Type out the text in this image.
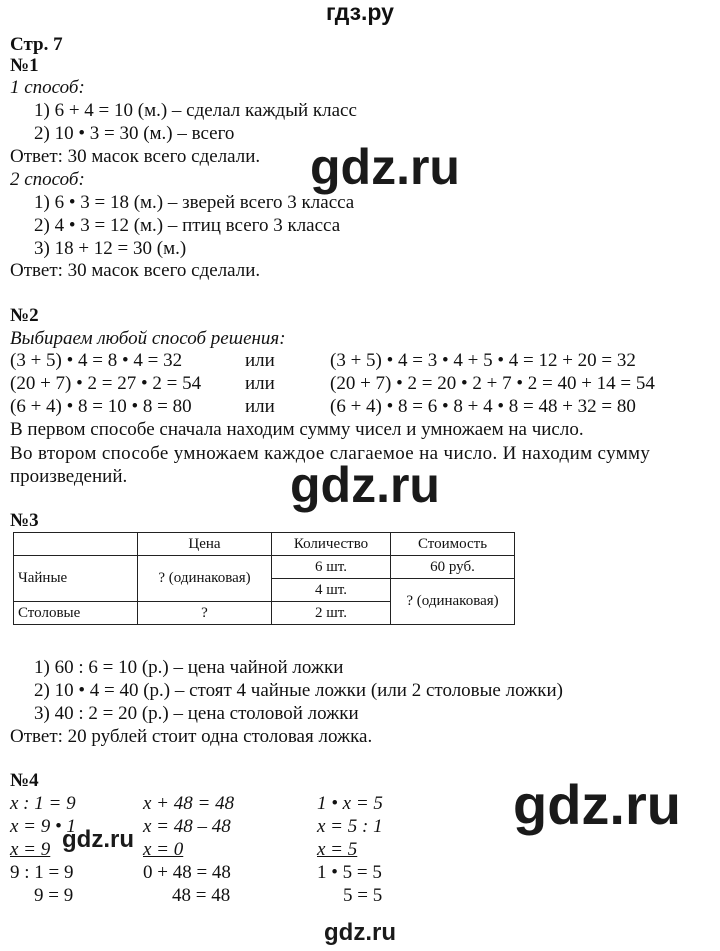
гдз.ру
Стр. 7
№1
1 способ:
1) 6 + 4 = 10 (м.) – сделал каждый класс
2) 10 • 3 = 30 (м.) – всего
Ответ: 30 масок всего сделали.
2 способ:
1) 6 • 3 = 18 (м.) – зверей всего 3 класса
2) 4 • 3 = 12 (м.) – птиц всего 3 класса
3) 18 + 12 = 30 (м.)
Ответ: 30 масок всего сделали.
gdz.ru
№2
Выбираем любой способ решения:
(3 + 5) • 4 = 8 • 4 = 32	или	(3 + 5) • 4 = 3 • 4 + 5 • 4 = 12 + 20 = 32
(20 + 7) • 2 = 27 • 2 = 54 или	(20 + 7) • 2 = 20 • 2 + 7 • 2 = 40 + 14 = 54
(6 + 4) • 8 = 10 • 8 = 80	или	(6 + 4) • 8 = 6 • 8 + 4 • 8 = 48 + 32 = 80
В первом способе сначала находим сумму чисел и умножаем на число.
Во втором способе умножаем каждое слагаемое на число. И находим сумму
произведений.	gdz.ru
№3
	Цена	Количество	Стоимость
Чайные	? (одинаковая)	6 шт.	60 руб.
		4 шт.	? (одинаковая)
Столовые	?	2 шт.	
1) 60 : 6 = 10 (р.) – цена чайной ложки
2) 10 • 4 = 40 (р.) – стоят 4 чайные ложки (или 2 столовые ложки)
3) 40 : 2 = 20 (р.) – цена столовой ложки
Ответ: 20 рублей стоит одна столовая ложка.
№4
x : 1 = 9
x = 9 • 1
x = 9
9 : 1 = 9
9 = 9
x + 48 = 48
x = 48 – 48
x = 0
0 + 48 = 48
48 = 48
1 • x = 5
x = 5 : 1
x = 5
1 • 5 = 5
5 = 5
gdz.ru
gdz.ru
gdz.ru
